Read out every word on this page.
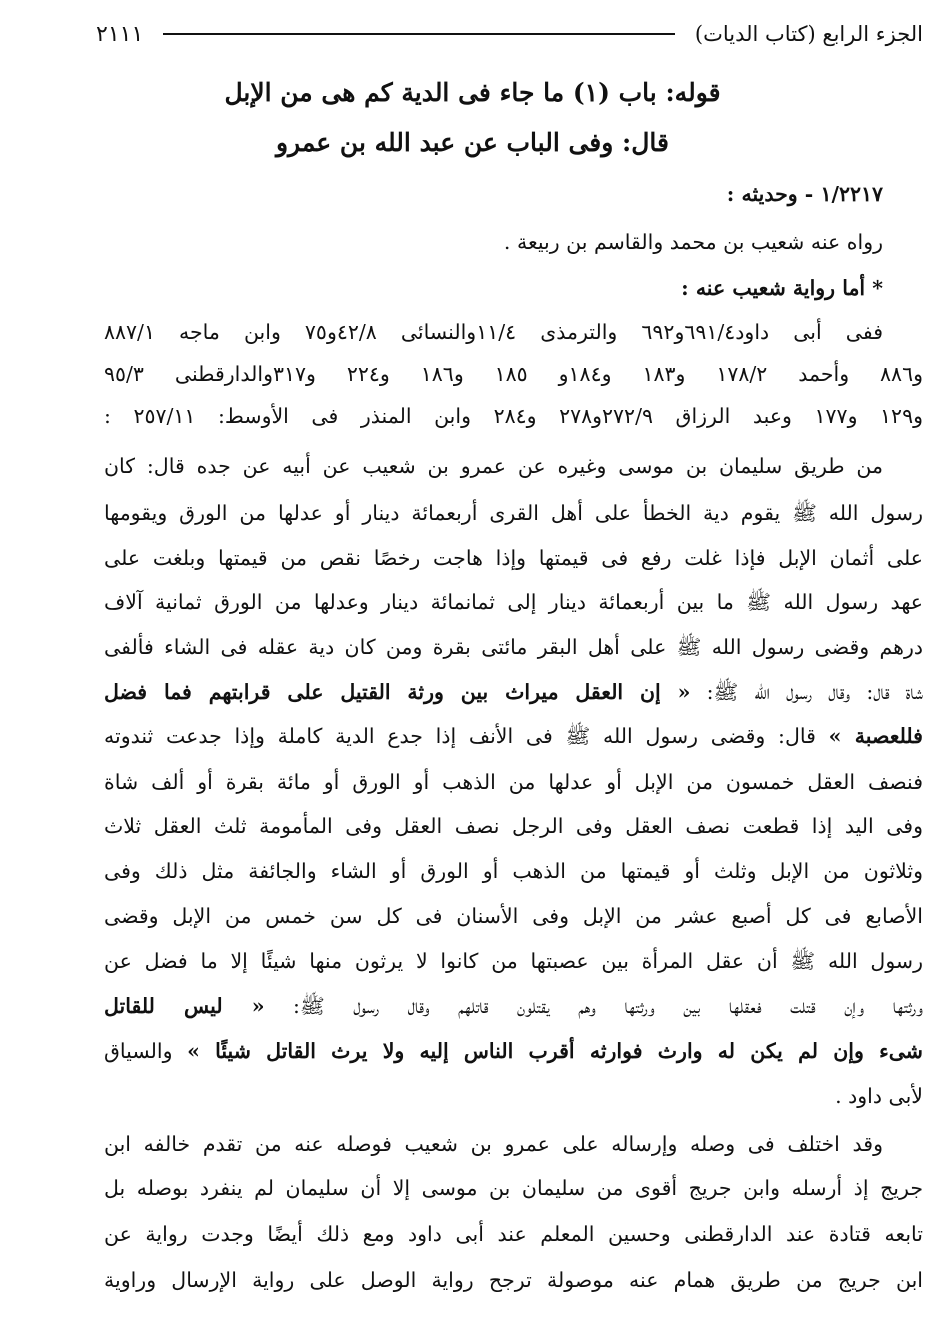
الجزء الرابع (كتاب الديات)
٢١١١
قوله: باب (١) ما جاء فى الدية كم هى من الإبل
قال: وفى الباب عن عبد الله بن عمرو
١/٢٢١٧ - وحديثه :
رواه عنه شعيب بن محمد والقاسم بن ربيعة .
* أما رواية شعيب عنه :
ففى أبى داود٦٩١/٤و٦٩٢ والترمذى ١١/٤والنسائى ٤٢/٨و٧٥ وابن ماجه ٨٨٧/١
و٨٨٦ وأحمد ١٧٨/٢ و١٨٣ و١٨٤و ١٨٥ و١٨٦ و٢٢٤ و٣١٧والدارقطنى ٩٥/٣
و١٢٩ و١٧٧ وعبد الرزاق ٢٧٢/٩و٢٧٨ و٢٨٤ وابن المنذر فى الأوسط: ٢٥٧/١١ :
من طريق سليمان بن موسى وغيره عن عمرو بن شعيب عن أبيه عن جده قال: كان
رسول الله ﷺ يقوم دية الخطأ على أهل القرى أربعمائة دينار أو عدلها من الورق ويقومها
على أثمان الإبل فإذا غلت رفع فى قيمتها وإذا هاجت رخصًا نقص من قيمتها وبلغت على
عهد رسول الله ﷺ ما بين أربعمائة دينار إلى ثمانمائة دينار وعدلها من الورق ثمانية آلاف
درهم وقضى رسول الله ﷺ على أهل البقر مائتى بقرة ومن كان دية عقله فى الشاء فألفى
شاة قال: وقال رسول الله ﷺ: « إن العقل ميراث بين ورثة القتيل على قرابتهم فما فضل
فللعصبة » قال: وقضى رسول الله ﷺ فى الأنف إذا جدع الدية كاملة وإذا جدعت ثندوته
فنصف العقل خمسون من الإبل أو عدلها من الذهب أو الورق أو مائة بقرة أو ألف شاة
وفى اليد إذا قطعت نصف العقل وفى الرجل نصف العقل وفى المأمومة ثلث العقل ثلاث
وثلاثون من الإبل وثلث أو قيمتها من الذهب أو الورق أو الشاء والجائفة مثل ذلك وفى
الأصابع فى كل أصبع عشر من الإبل وفى الأسنان فى كل سن خمس من الإبل وقضى
رسول الله ﷺ أن عقل المرأة بين عصبتها من كانوا لا يرثون منها شيئًا إلا ما فضل عن
ورثتها وإن قتلت فعقلها بين ورثتها وهم يقتلون قاتلهم وقال رسول ﷺ: « ليس للقاتل
شىء وإن لم يكن له وارث فوارثه أقرب الناس إليه ولا يرث القاتل شيئًا » والسياق
لأبى داود .
وقد اختلف فى وصله وإرساله على عمرو بن شعيب فوصله عنه من تقدم خالفه ابن
جريج إذ أرسله وابن جريج أقوى من سليمان بن موسى إلا أن سليمان لم ينفرد بوصله بل
تابعه قتادة عند الدارقطنى وحسين المعلم عند أبى داود ومع ذلك أيضًا وجدت رواية عن
ابن جريج من طريق همام عنه موصولة ترجح رواية الوصل على رواية الإرسال وراوية
